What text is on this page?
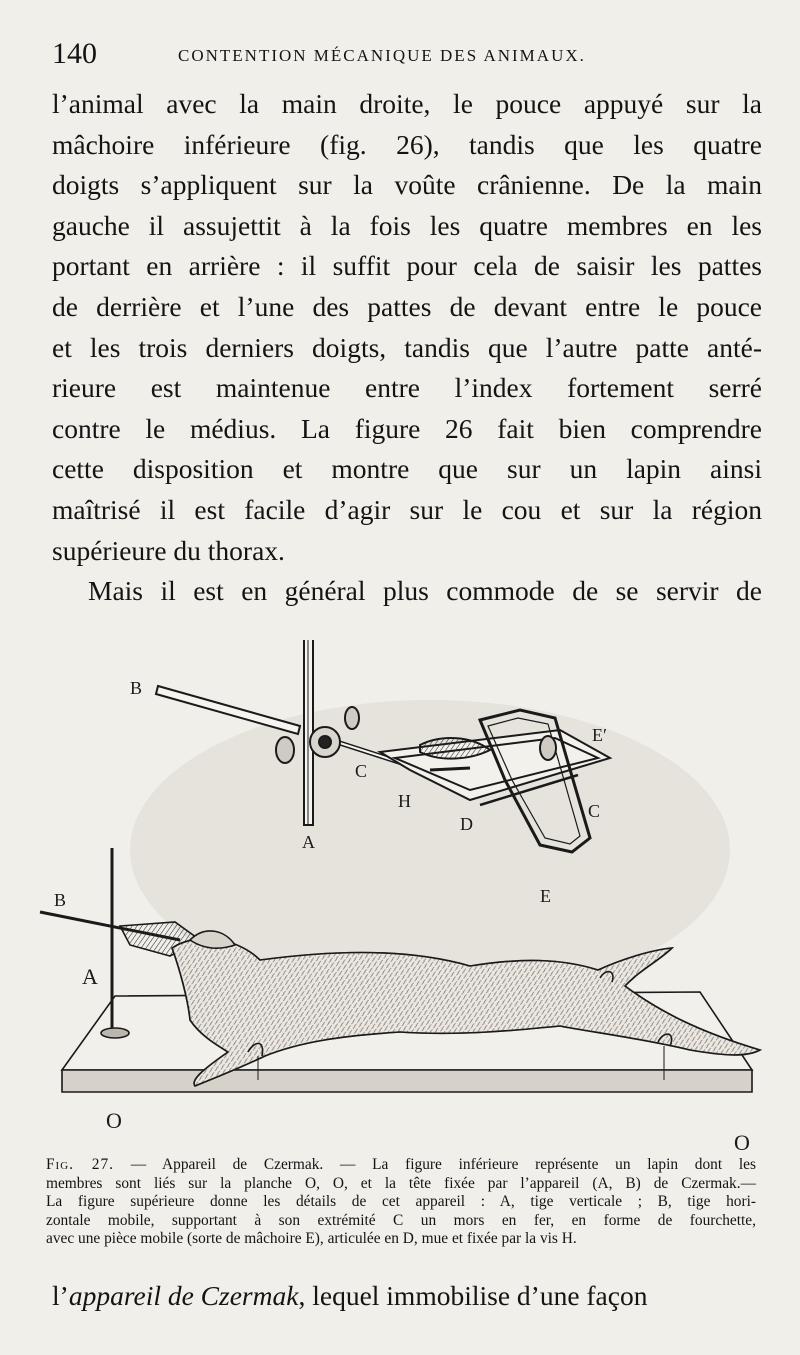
140	CONTENTION MÉCANIQUE DES ANIMAUX.
l’animal avec la main droite, le pouce appuyé sur la
mâchoire inférieure (fig. 26), tandis que les quatre
doigts s’appliquent sur la voûte crânienne. De la main
gauche il assujettit à la fois les quatre membres en les
portant en arrière : il suffit pour cela de saisir les pattes
de derrière et l’une des pattes de devant entre le pouce
et les trois derniers doigts, tandis que l’autre patte anté-
rieure est maintenue entre l’index fortement serré
contre le médius. La figure 26 fait bien comprendre
cette disposition et montre que sur un lapin ainsi
maîtrisé il est facile d’agir sur le cou et sur la région
supérieure du thorax.
Mais il est en général plus commode de se servir de
B
A
C
H
D
C
E′
E
B
A
O
O
Fig. 27. — Appareil de Czermak. — La figure inférieure représente un lapin dont les
membres sont liés sur la planche O, O, et la tête fixée par l’appareil (A, B) de Czermak.—
La figure supérieure donne les détails de cet appareil : A, tige verticale ; B, tige hori-
zontale mobile, supportant à son extrémité C un mors en fer, en forme de fourchette,
avec une pièce mobile (sorte de mâchoire E), articulée en D, mue et fixée par la vis H.
l’appareil de Czermak, lequel immobilise d’une façon
